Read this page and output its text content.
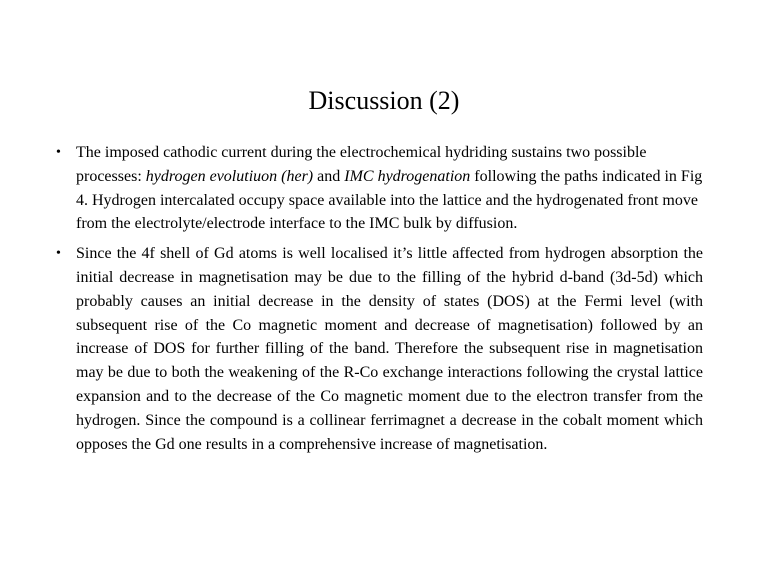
Discussion (2)
• The imposed cathodic current during the electrochemical hydriding sustains two possible processes: hydrogen evolutiuon (her) and IMC hydrogenation following the paths indicated in Fig 4. Hydrogen intercalated occupy space available into the lattice and the hydrogenated front move from the electrolyte/electrode interface to the IMC bulk by diffusion.
• Since the 4f shell of Gd atoms is well localised it’s little affected from hydrogen absorption the initial decrease in magnetisation may be due to the filling of the hybrid d-band (3d-5d) which probably causes an initial decrease in the density of states (DOS) at the Fermi level (with subsequent rise of the Co magnetic moment and decrease of magnetisation) followed by an increase of DOS for further filling of the band. Therefore the subsequent rise in magnetisation may be due to both the weakening of the R-Co exchange interactions following the crystal lattice expansion and to the decrease of the Co magnetic moment due to the electron transfer from the hydrogen. Since the compound is a collinear ferrimagnet a decrease in the cobalt moment which opposes the Gd one results in a comprehensive increase of magnetisation.
